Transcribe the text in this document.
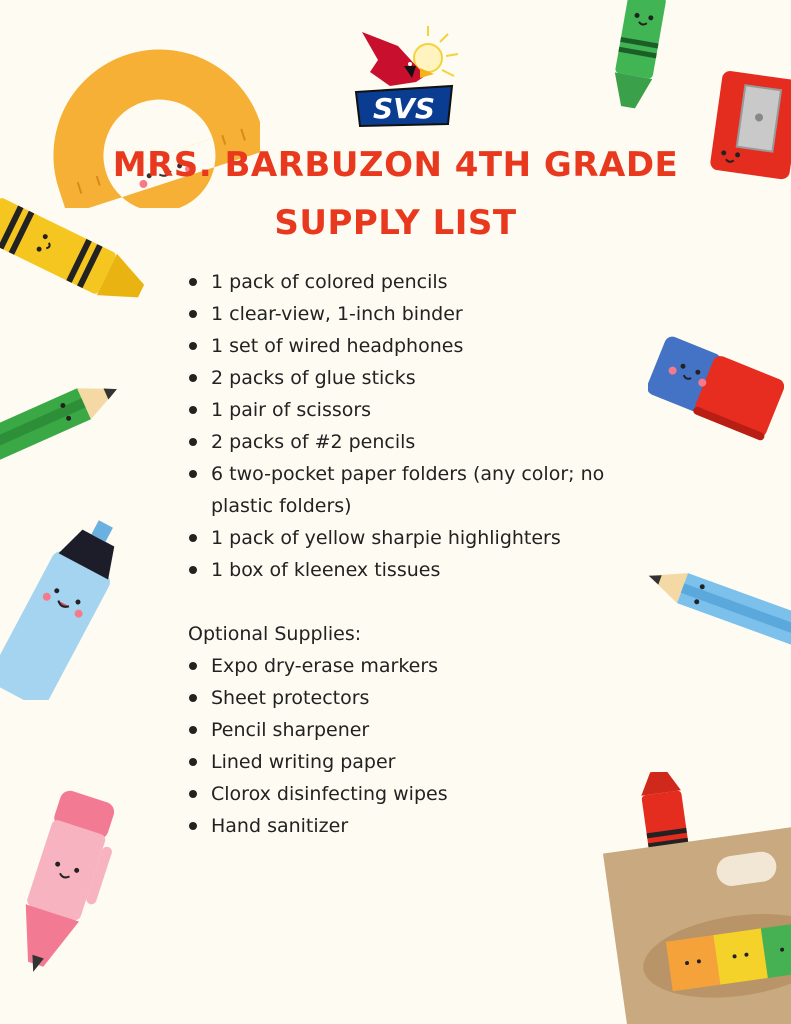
SVS
MRS. BARBUZON 4TH GRADE
SUPPLY LIST
1 pack of colored pencils
1 clear-view, 1-inch binder
1 set of wired headphones
2 packs of glue sticks
1 pair of scissors
2 packs of #2 pencils
6 two-pocket paper folders (any color; no plastic folders)
1 pack of yellow sharpie highlighters
1 box of kleenex tissues
Optional Supplies:
Expo dry-erase markers
Sheet protectors
Pencil sharpener
Lined writing paper
Clorox disinfecting wipes
Hand sanitizer
